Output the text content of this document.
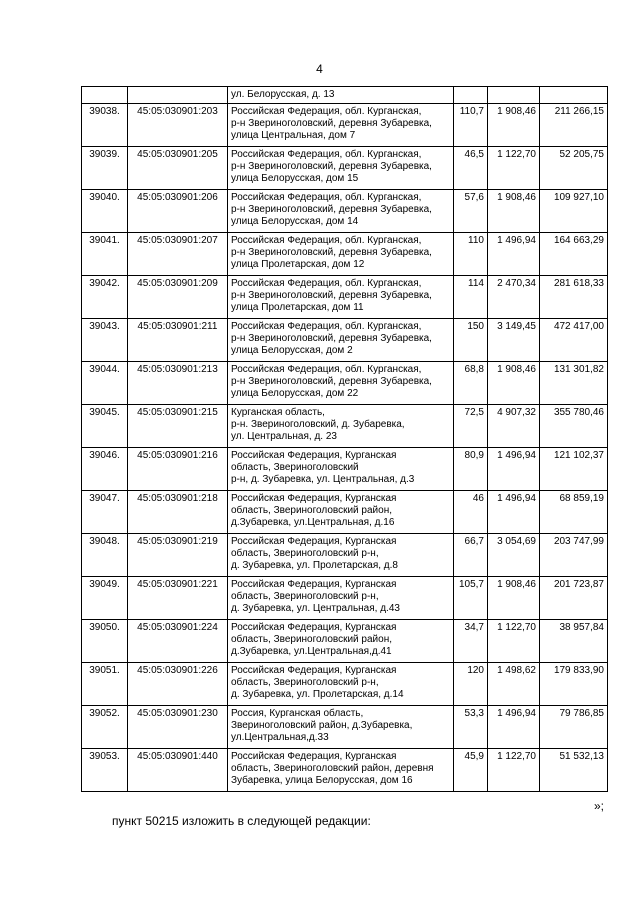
4
		ул. Белорусская, д. 13			
39038.	45:05:030901:203	Российская Федерация, обл. Курганская,
р-н Звериноголовский, деревня Зубаревка,
улица Центральная, дом 7	110,7	1 908,46	211 266,15
39039.	45:05:030901:205	Российская Федерация, обл. Курганская,
р-н Звериноголовский, деревня Зубаревка,
улица Белорусская, дом 15	46,5	1 122,70	52 205,75
39040.	45:05:030901:206	Российская Федерация, обл. Курганская,
р-н Звериноголовский, деревня Зубаревка,
улица Белорусская, дом 14	57,6	1 908,46	109 927,10
39041.	45:05:030901:207	Российская Федерация, обл. Курганская,
р-н Звериноголовский, деревня Зубаревка,
улица Пролетарская, дом 12	110	1 496,94	164 663,29
39042.	45:05:030901:209	Российская Федерация, обл. Курганская,
р-н Звериноголовский, деревня Зубаревка,
улица Пролетарская, дом 11	114	2 470,34	281 618,33
39043.	45:05:030901:211	Российская Федерация, обл. Курганская,
р-н Звериноголовский, деревня Зубаревка,
улица Белорусская, дом 2	150	3 149,45	472 417,00
39044.	45:05:030901:213	Российская Федерация, обл. Курганская,
р-н Звериноголовский, деревня Зубаревка,
улица Белорусская, дом 22	68,8	1 908,46	131 301,82
39045.	45:05:030901:215	Курганская область,
р-н. Звериноголовский, д. Зубаревка,
ул. Центральная, д. 23	72,5	4 907,32	355 780,46
39046.	45:05:030901:216	Российская Федерация, Курганская
область, Звериноголовский
р-н, д. Зубаревка, ул. Центральная, д.3	80,9	1 496,94	121 102,37
39047.	45:05:030901:218	Российская Федерация, Курганская
область, Звериноголовский район,
д.Зубаревка, ул.Центральная, д.16	46	1 496,94	68 859,19
39048.	45:05:030901:219	Российская Федерация, Курганская
область, Звериноголовский р-н,
д. Зубаревка, ул. Пролетарская, д.8	66,7	3 054,69	203 747,99
39049.	45:05:030901:221	Российская Федерация, Курганская
область, Звериноголовский р-н,
д. Зубаревка, ул. Центральная, д.43	105,7	1 908,46	201 723,87
39050.	45:05:030901:224	Российская Федерация, Курганская
область, Звериноголовский район,
д.Зубаревка, ул.Центральная,д.41	34,7	1 122,70	38 957,84
39051.	45:05:030901:226	Российская Федерация, Курганская
область, Звериноголовский р-н,
д. Зубаревка, ул. Пролетарская, д.14	120	1 498,62	179 833,90
39052.	45:05:030901:230	Россия, Курганская область,
Звериноголовский район, д.Зубаревка,
ул.Центральная,д.33	53,3	1 496,94	79 786,85
39053.	45:05:030901:440	Российская Федерация, Курганская
область, Звериноголовский район, деревня
Зубаревка, улица Белорусская, дом 16	45,9	1 122,70	51 532,13
»;
пункт 50215 изложить в следующей редакции:
